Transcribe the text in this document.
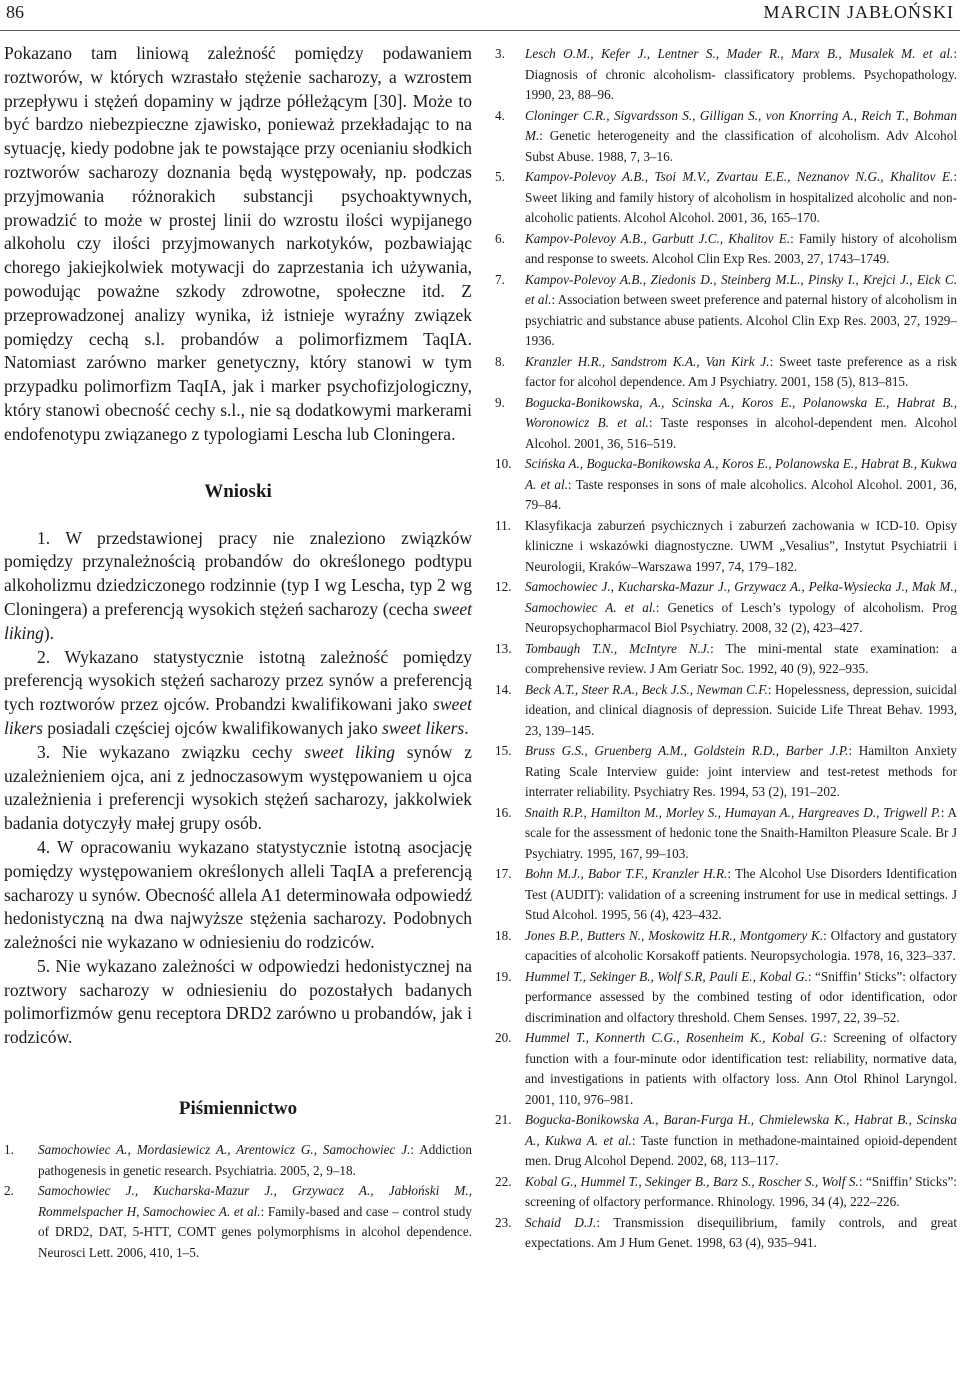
86	MARCIN JABŁOŃSKI

Pokazano tam liniową zależność pomiędzy podawaniem roztworów, w których wzrastało stężenie sacharozy, a wzrostem przepływu i stężeń dopaminy w jądrze półleżącym [30]. Może to być bardzo niebezpieczne zjawisko, ponieważ przekładając to na sytuację, kiedy podobne jak te powstające przy ocenianiu słodkich roztworów sacharozy doznania będą występowały, np. podczas przyjmowania różnorakich substancji psychoaktywnych, prowadzić to może w prostej linii do wzrostu ilości wypijanego alkoholu czy ilości przyjmowanych narkotyków, pozbawiając chorego jakiejkolwiek motywacji do zaprzestania ich używania, powodując poważne szkody zdrowotne, społeczne itd. Z przeprowadzonej analizy wynika, iż istnieje wyraźny związek pomiędzy cechą s.l. probandów a polimorfizmem TaqIA. Natomiast zarówno marker genetyczny, który stanowi w tym przypadku polimorfizm TaqIA, jak i marker psychofizjologiczny, który stanowi obecność cechy s.l., nie są dodatkowymi markerami endofenotypu związanego z typologiami Lescha lub Cloningera.

Wnioski

1. W przedstawionej pracy nie znaleziono związków pomiędzy przynależnością probandów do określonego podtypu alkoholizmu dziedziczonego rodzinnie (typ I wg Lescha, typ 2 wg Cloningera) a preferencją wysokich stężeń sacharozy (cecha sweet liking).

2. Wykazano statystycznie istotną zależność pomiędzy preferencją wysokich stężeń sacharozy przez synów a preferencją tych roztworów przez ojców. Probandzi kwalifikowani jako sweet likers posiadali częściej ojców kwalifikowanych jako sweet likers.

3. Nie wykazano związku cechy sweet liking synów z uzależnieniem ojca, ani z jednoczasowym występowaniem u ojca uzależnienia i preferencji wysokich stężeń sacharozy, jakkolwiek badania dotyczyły małej grupy osób.

4. W opracowaniu wykazano statystycznie istotną asocjację pomiędzy występowaniem określonych alleli TaqIA a preferencją sacharozy u synów. Obecność allela A1 determinowała odpowiedź hedonistyczną na dwa najwyższe stężenia sacharozy. Podobnych zależności nie wykazano w odniesieniu do rodziców.

5. Nie wykazano zależności w odpowiedzi hedonistycznej na roztwory sacharozy w odniesieniu do pozostałych badanych polimorfizmów genu receptora DRD2 zarówno u probandów, jak i rodziców.

Piśmiennictwo

1. Samochowiec A., Mordasiewicz A., Arentowicz G., Samochowiec J.: Addiction pathogenesis in genetic research. Psychiatria. 2005, 2, 9–18.

2. Samochowiec J., Kucharska-Mazur J., Grzywacz A., Jabłoński M., Rommelspacher H, Samochowiec A. et al.: Family-based and case – control study of DRD2, DAT, 5-HTT, COMT genes polymorphisms in alcohol dependence. Neurosci Lett. 2006, 410, 1–5.

3. Lesch O.M., Kefer J., Lentner S., Mader R., Marx B., Musalek M. et al.: Diagnosis of chronic alcoholism- classificatory problems. Psychopathology. 1990, 23, 88–96.

4. Cloninger C.R., Sigvardsson S., Gilligan S., von Knorring A., Reich T., Bohman M.: Genetic heterogeneity and the classification of alcoholism. Adv Alcohol Subst Abuse. 1988, 7, 3–16.

5. Kampov-Polevoy A.B., Tsoi M.V., Zvartau E.E., Neznanov N.G., Khalitov E.: Sweet liking and family history of alcoholism in hospitalized alcoholic and non-alcoholic patients. Alcohol Alcohol. 2001, 36, 165–170.

6. Kampov-Polevoy A.B., Garbutt J.C., Khalitov E.: Family history of alcoholism and response to sweets. Alcohol Clin Exp Res. 2003, 27, 1743–1749.

7. Kampov-Polevoy A.B., Ziedonis D., Steinberg M.L., Pinsky I., Krejci J., Eick C. et al.: Association between sweet preference and paternal history of alcoholism in psychiatric and substance abuse patients. Alcohol Clin Exp Res. 2003, 27, 1929–1936.

8. Kranzler H.R., Sandstrom K.A., Van Kirk J.: Sweet taste preference as a risk factor for alcohol dependence. Am J Psychiatry. 2001, 158 (5), 813–815.

9. Bogucka-Bonikowska, A., Scinska A., Koros E., Polanowska E., Habrat B., Woronowicz B. et al.: Taste responses in alcohol-dependent men. Alcohol Alcohol. 2001, 36, 516–519.

10. Scińska A., Bogucka-Bonikowska A., Koros E., Polanowska E., Habrat B., Kukwa A. et al.: Taste responses in sons of male alcoholics. Alcohol Alcohol. 2001, 36, 79–84.

11. Klasyfikacja zaburzeń psychicznych i zaburzeń zachowania w ICD-10. Opisy kliniczne i wskazówki diagnostyczne. UWM „Vesalius”, Instytut Psychiatrii i Neurologii, Kraków–Warszawa 1997, 74, 179–182.

12. Samochowiec J., Kucharska-Mazur J., Grzywacz A., Pełka-Wysiecka J., Mak M., Samochowiec A. et al.: Genetics of Lesch’s typology of alcoholism. Prog Neuropsychopharmacol Biol Psychiatry. 2008, 32 (2), 423–427.

13. Tombaugh T.N., McIntyre N.J.: The mini-mental state examination: a comprehensive review. J Am Geriatr Soc. 1992, 40 (9), 922–935.

14. Beck A.T., Steer R.A., Beck J.S., Newman C.F.: Hopelessness, depression, suicidal ideation, and clinical diagnosis of depression. Suicide Life Threat Behav. 1993, 23, 139–145.

15. Bruss G.S., Gruenberg A.M., Goldstein R.D., Barber J.P.: Hamilton Anxiety Rating Scale Interview guide: joint interview and test-retest methods for interrater reliability. Psychiatry Res. 1994, 53 (2), 191–202.

16. Snaith R.P., Hamilton M., Morley S., Humayan A., Hargreaves D., Trigwell P.: A scale for the assessment of hedonic tone the Snaith-Hamilton Pleasure Scale. Br J Psychiatry. 1995, 167, 99–103.

17. Bohn M.J., Babor T.F., Kranzler H.R.: The Alcohol Use Disorders Identification Test (AUDIT): validation of a screening instrument for use in medical settings. J Stud Alcohol. 1995, 56 (4), 423–432.

18. Jones B.P., Butters N., Moskowitz H.R., Montgomery K.: Olfactory and gustatory capacities of alcoholic Korsakoff patients. Neuropsychologia. 1978, 16, 323–337.

19. Hummel T., Sekinger B., Wolf S.R, Pauli E., Kobal G.: “Sniffin’ Sticks”: olfactory performance assessed by the combined testing of odor identification, odor discrimination and olfactory threshold. Chem Senses. 1997, 22, 39–52.

20. Hummel T., Konnerth C.G., Rosenheim K., Kobal G.: Screening of olfactory function with a four-minute odor identification test: reliability, normative data, and investigations in patients with olfactory loss. Ann Otol Rhinol Laryngol. 2001, 110, 976–981.

21. Bogucka-Bonikowska A., Baran-Furga H., Chmielewska K., Habrat B., Scinska A., Kukwa A. et al.: Taste function in methadone-maintained opioid-dependent men. Drug Alcohol Depend. 2002, 68, 113–117.

22. Kobal G., Hummel T., Sekinger B., Barz S., Roscher S., Wolf S.: “Sniffin’ Sticks”: screening of olfactory performance. Rhinology. 1996, 34 (4), 222–226.

23. Schaid D.J.: Transmission disequilibrium, family controls, and great expectations. Am J Hum Genet. 1998, 63 (4), 935–941.
